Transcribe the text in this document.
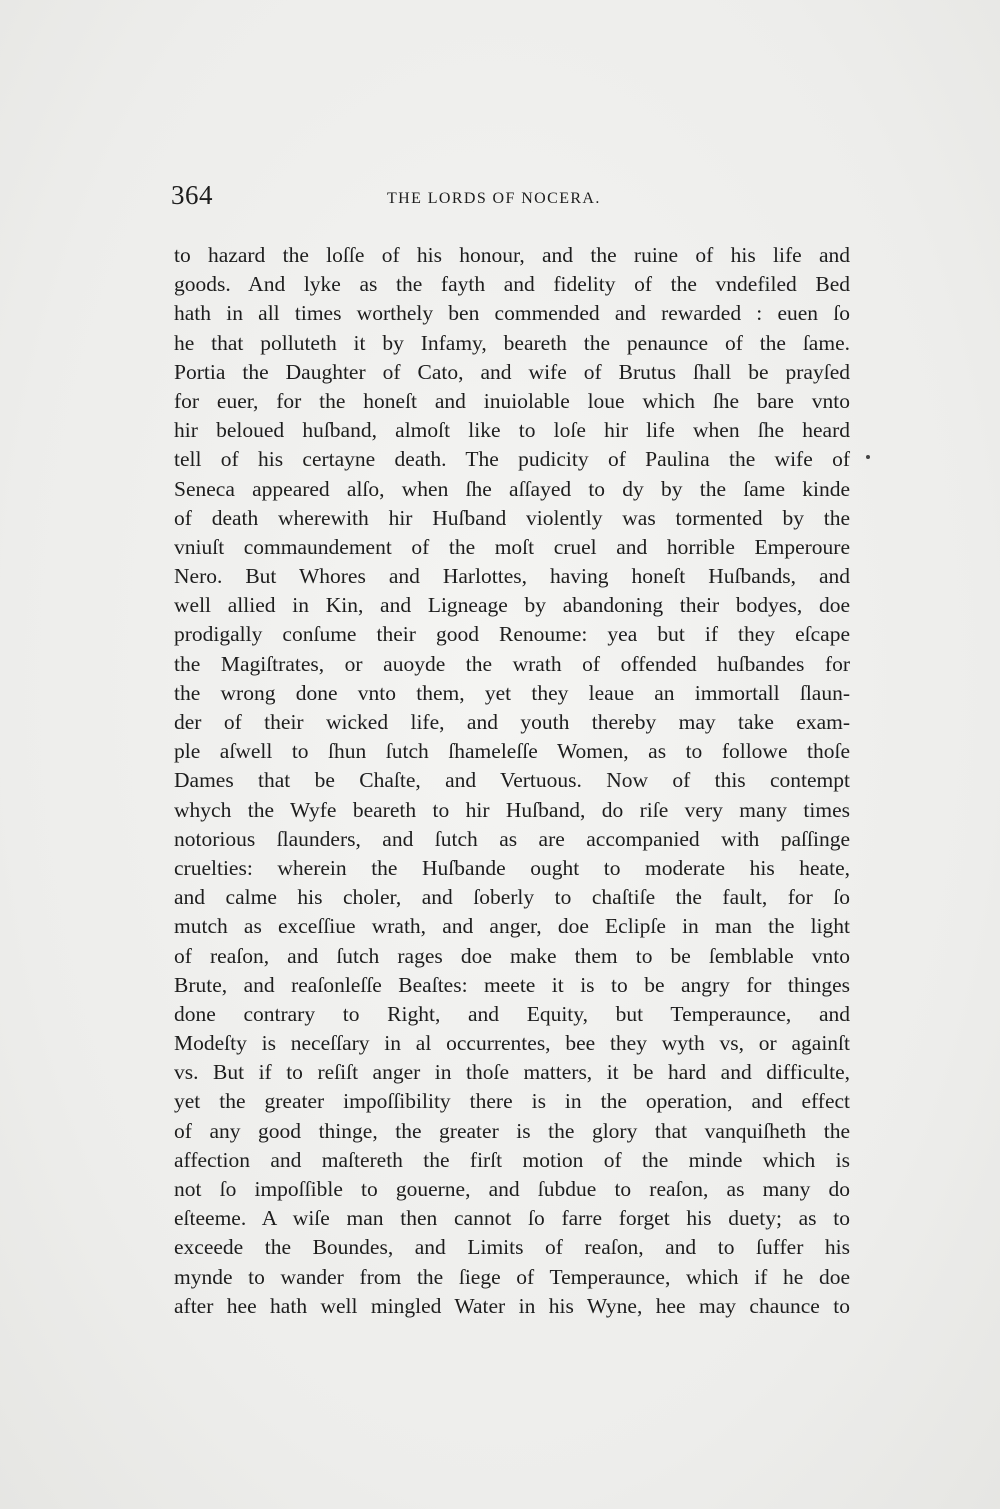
364	THE LORDS OF NOCERA.
to hazard the loſſe of his honour, and the ruine of his life and
goods. And lyke as the fayth and fidelity of the vndefiled Bed
hath in all times worthely ben commended and rewarded : euen ſo
he that polluteth it by Infamy, beareth the penaunce of the ſame.
Portia the Daughter of Cato, and wife of Brutus ſhall be prayſed
for euer, for the honeſt and inuiolable loue which ſhe bare vnto
hir beloued huſband, almoſt like to loſe hir life when ſhe heard
tell of his certayne death. The pudicity of Paulina the wife of
Seneca appeared alſo, when ſhe aſſayed to dy by the ſame kinde
of death wherewith hir Huſband violently was tormented by the
vniuſt commaundement of the moſt cruel and horrible Emperoure
Nero. But Whores and Harlottes, having honeſt Huſbands, and
well allied in Kin, and Ligneage by abandoning their bodyes, doe
prodigally conſume their good Renoume: yea but if they eſcape
the Magiſtrates, or auoyde the wrath of offended huſbandes for
the wrong done vnto them, yet they leaue an immortall ſlaun-
der of their wicked life, and youth thereby may take exam-
ple aſwell to ſhun ſutch ſhameleſſe Women, as to followe thoſe
Dames that be Chaſte, and Vertuous. Now of this contempt
whych the Wyfe beareth to hir Huſband, do riſe very many times
notorious ſlaunders, and ſutch as are accompanied with paſſinge
cruelties: wherein the Huſbande ought to moderate his heate,
and calme his choler, and ſoberly to chaſtiſe the fault, for ſo
mutch as exceſſiue wrath, and anger, doe Eclipſe in man the light
of reaſon, and ſutch rages doe make them to be ſemblable vnto
Brute, and reaſonleſſe Beaſtes: meete it is to be angry for thinges
done contrary to Right, and Equity, but Temperaunce, and
Modeſty is neceſſary in al occurrentes, bee they wyth vs, or againſt
vs. But if to reſiſt anger in thoſe matters, it be hard and difficulte,
yet the greater impoſſibility there is in the operation, and effect
of any good thinge, the greater is the glory that vanquiſheth the
affection and maſtereth the firſt motion of the minde which is
not ſo impoſſible to gouerne, and ſubdue to reaſon, as many do
eſteeme. A wiſe man then cannot ſo farre forget his duety; as to
exceede the Boundes, and Limits of reaſon, and to ſuffer his
mynde to wander from the ſiege of Temperaunce, which if he doe
after hee hath well mingled Water in his Wyne, hee may chaunce to
